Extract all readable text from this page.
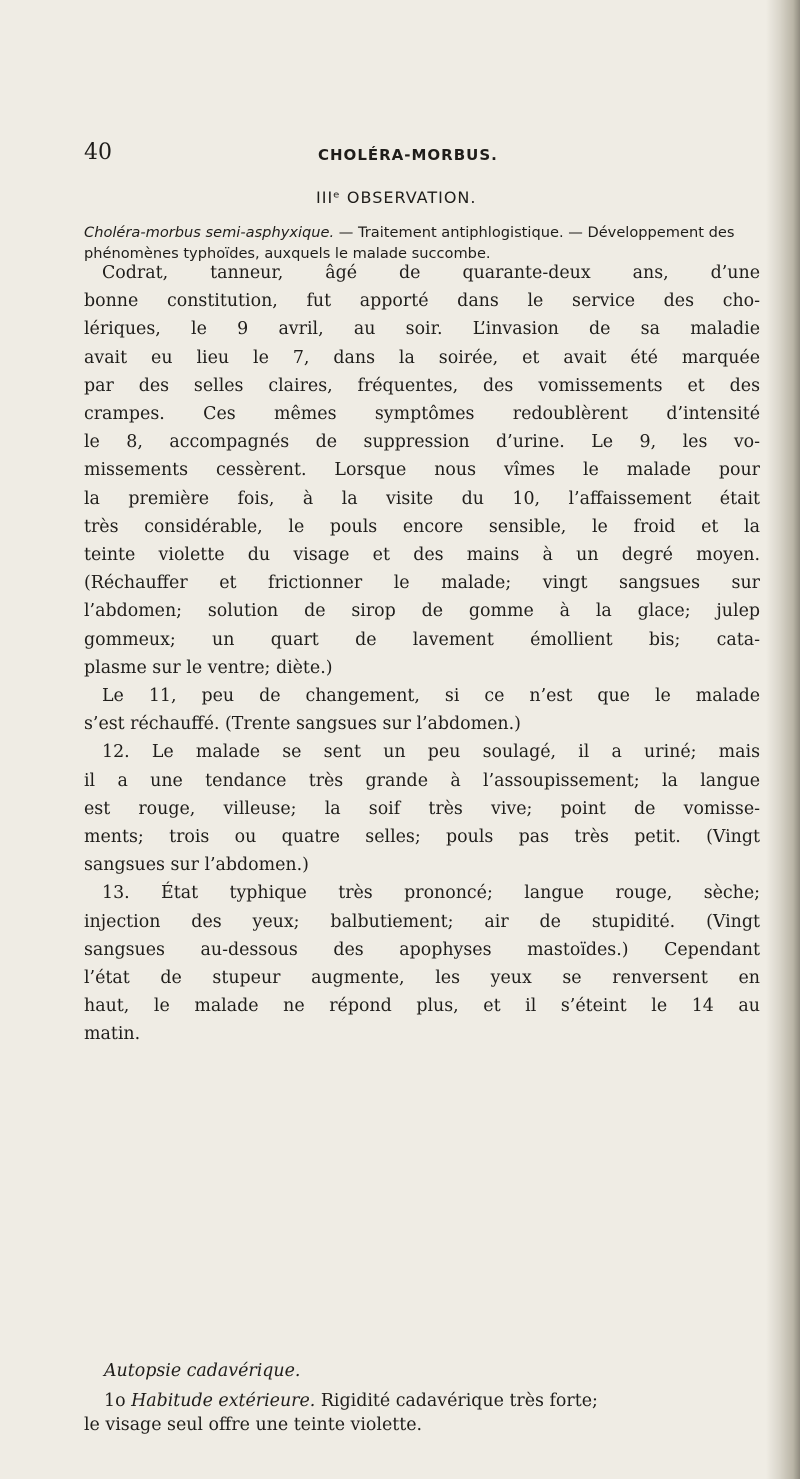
40	CHOLÉRA-MORBUS.
IIIᵉ OBSERVATION.
Choléra-morbus semi-asphyxique. — Traitement antiphlogistique. — Développement des phénomènes typhoïdes, auxquels le malade succombe.
Codrat, tanneur, âgé de quarante-deux ans, d’une
bonne constitution, fut apporté dans le service des cho-
lériques, le 9 avril, au soir. L’invasion de sa maladie
avait eu lieu le 7, dans la soirée, et avait été marquée
par des selles claires, fréquentes, des vomissements et des
crampes. Ces mêmes symptômes redoublèrent d’intensité
le 8, accompagnés de suppression d’urine. Le 9, les vo-
missements cessèrent. Lorsque nous vîmes le malade pour
la première fois, à la visite du 10, l’affaissement était
très considérable, le pouls encore sensible, le froid et la
teinte violette du visage et des mains à un degré moyen.
(Réchauffer et frictionner le malade; vingt sangsues sur
l’abdomen; solution de sirop de gomme à la glace; julep
gommeux; un quart de lavement émollient bis; cata-
plasme sur le ventre; diète.)
Le 11, peu de changement, si ce n’est que le malade
s’est réchauffé. (Trente sangsues sur l’abdomen.)
12. Le malade se sent un peu soulagé, il a uriné; mais
il a une tendance très grande à l’assoupissement; la langue
est rouge, villeuse; la soif très vive; point de vomisse-
ments; trois ou quatre selles; pouls pas très petit. (Vingt
sangsues sur l’abdomen.)
13. État typhique très prononcé; langue rouge, sèche;
injection des yeux; balbutiement; air de stupidité. (Vingt
sangsues au-dessous des apophyses mastoïdes.) Cependant
l’état de stupeur augmente, les yeux se renversent en
haut, le malade ne répond plus, et il s’éteint le 14 au
matin.
Autopsie cadavérique.
1o Habitude extérieure. Rigidité cadavérique très forte;
le visage seul offre une teinte violette.
